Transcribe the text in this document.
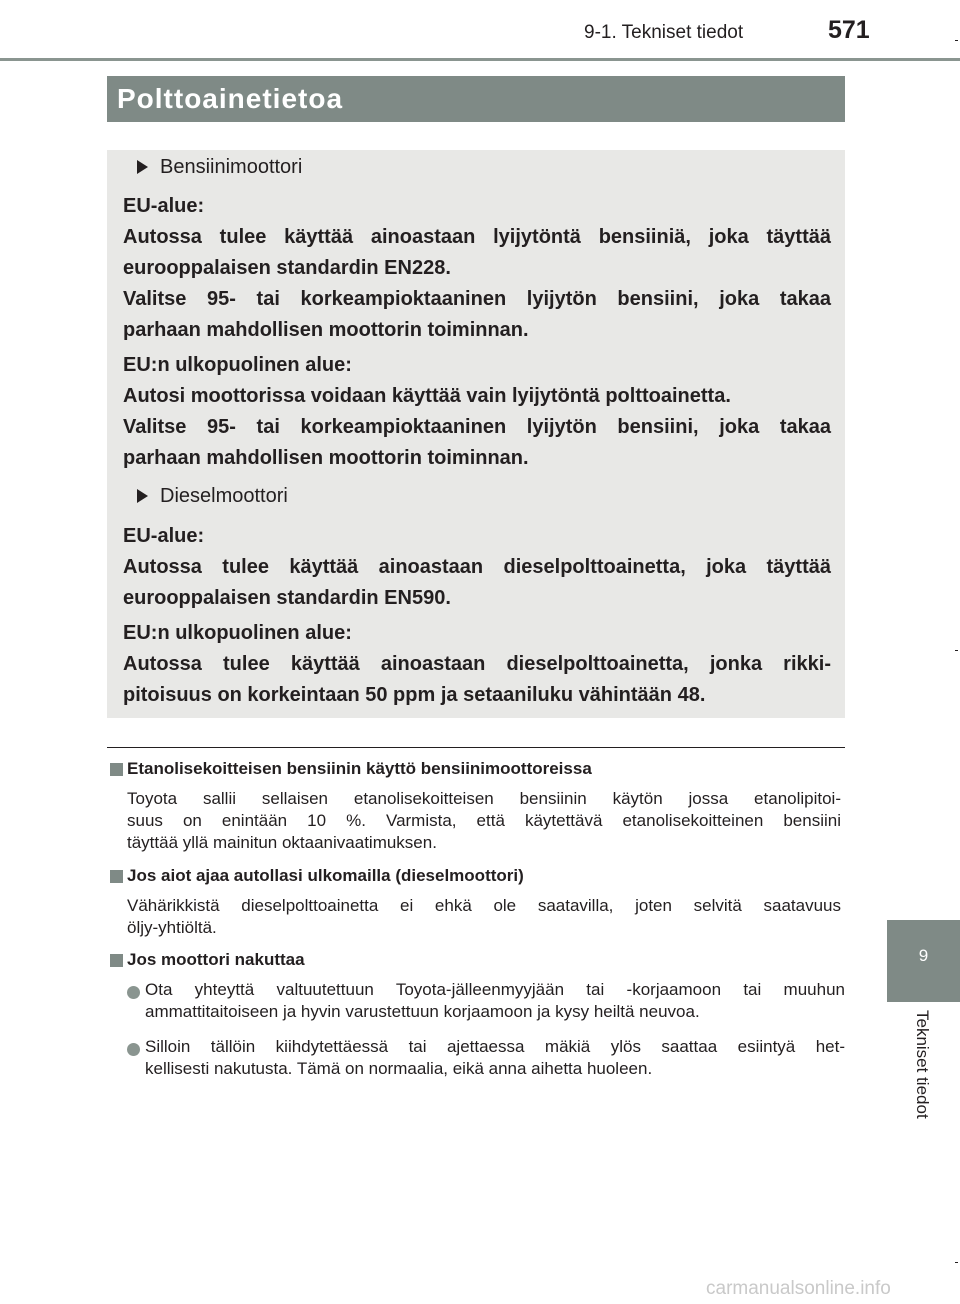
9-1. Tekniset tiedot	571
Polttoainetietoa
Bensiinimoottori
EU-alue:
Autossa tulee käyttää ainoastaan lyijytöntä bensiiniä, joka täyttää
eurooppalaisen standardin EN228.
Valitse 95- tai korkeampioktaaninen lyijytön bensiini, joka takaa
parhaan mahdollisen moottorin toiminnan.
EU:n ulkopuolinen alue:
Autosi moottorissa voidaan käyttää vain lyijytöntä polttoainetta.
Valitse 95- tai korkeampioktaaninen lyijytön bensiini, joka takaa
parhaan mahdollisen moottorin toiminnan.
Dieselmoottori
EU-alue:
Autossa tulee käyttää ainoastaan dieselpolttoainetta, joka täyttää
eurooppalaisen standardin EN590.
EU:n ulkopuolinen alue:
Autossa tulee käyttää ainoastaan dieselpolttoainetta, jonka rikki-
pitoisuus on korkeintaan 50 ppm ja setaaniluku vähintään 48.
Etanolisekoitteisen bensiinin käyttö bensiinimoottoreissa
Toyota sallii sellaisen etanolisekoitteisen bensiinin käytön jossa etanolipitoi-
suus on enintään 10 %. Varmista, että käytettävä etanolisekoitteinen bensiini
täyttää yllä mainitun oktaanivaatimuksen.
Jos aiot ajaa autollasi ulkomailla (dieselmoottori)
Vähärikkistä dieselpolttoainetta ei ehkä ole saatavilla, joten selvitä saatavuus
öljy-yhtiöltä.
Jos moottori nakuttaa
Ota yhteyttä valtuutettuun Toyota-jälleenmyyjään tai -korjaamoon tai muuhun
ammattitaitoiseen ja hyvin varustettuun korjaamoon ja kysy heiltä neuvoa.
Silloin tällöin kiihdytettäessä tai ajettaessa mäkiä ylös saattaa esiintyä het-
kellisesti nakutusta. Tämä on normaalia, eikä anna aihetta huoleen.
9
Tekniset tiedot
carmanualsonline.info
